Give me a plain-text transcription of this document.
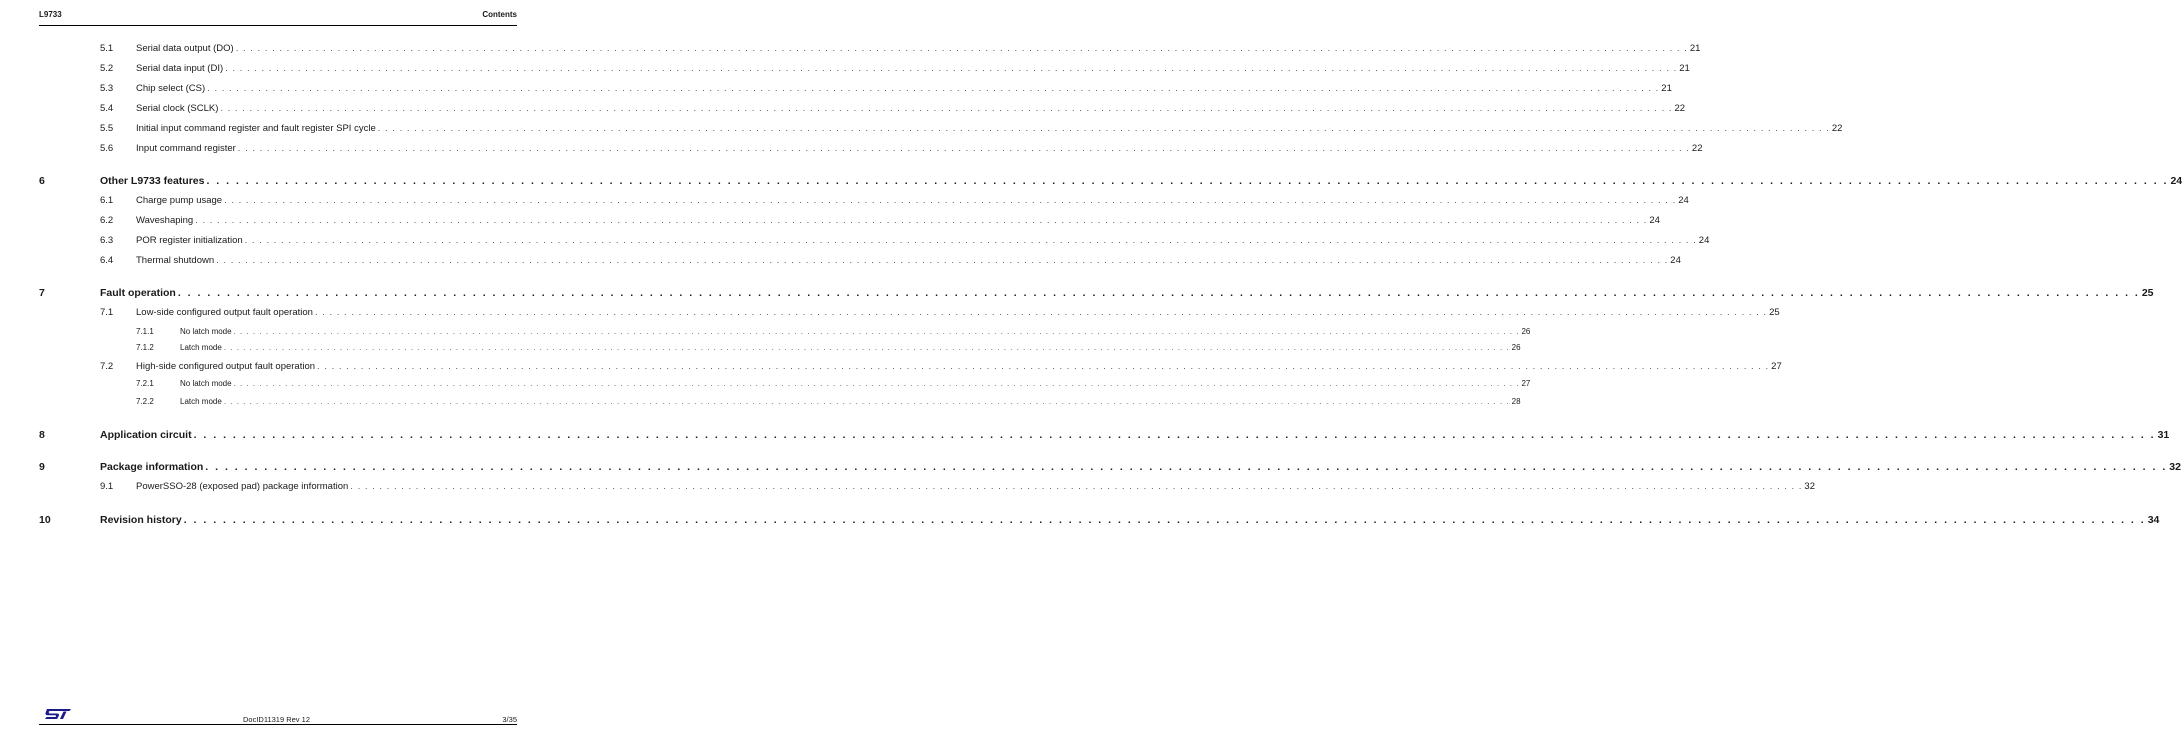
L9733	Contents
5.1 Serial data output (DO) . . . . . . . . . . . . . . . . . . . . . . . . . . . . . . . . . . . . . . . . . . . . . . . . . . . . . . . . . . . . . . . . . . . . . . . . . . . . . . . . . . . . . . . . . . . . . . . . . . . . . . . . . . . . . . . . . . . . . . . . . . . . . . . . . . . . . . . . . . . . . . . . . . . . . . . . . . . . . . . . . . . . . . . . . . . . . . . . . . . . . . . . . . . . . . . . . . . . . . . . 21
5.2 Serial data input (DI) . . . . . . . . . . . . . . . . . . . . . . . . . . . . . . . . . . . . . . . . . . . . . . . . . . . . . . . . . . . . . . . . . . . . . . . . . . . . . . . . . . . . . . . . . . . . . . . . . . . . . . . . . . . . . . . . . . . . . . . . . . . . . . . . . . . . . . . . . . . . . . . . . . . . . . . . . . . . . . . . . . . . . . . . . . . . . . . . . . . . . . . . . . . . . . . . . . . . . . . . 21
5.3 Chip select (CS) . . . . . . . . . . . . . . . . . . . . . . . . . . . . . . . . . . . . . . . . . . . . . . . . . . . . . . . . . . . . . . . . . . . . . . . . . . . . . . . . . . . . . . . . . . . . . . . . . . . . . . . . . . . . . . . . . . . . . . . . . . . . . . . . . . . . . . . . . . . . . . . . . . . . . . . . . . . . . . . . . . . . . . . . . . . . . . . . . . . . . . . . . . . . . . . . . . . . . . . . 21
5.4 Serial clock (SCLK) . . . . . . . . . . . . . . . . . . . . . . . . . . . . . . . . . . . . . . . . . . . . . . . . . . . . . . . . . . . . . . . . . . . . . . . . . . . . . . . . . . . . . . . . . . . . . . . . . . . . . . . . . . . . . . . . . . . . . . . . . . . . . . . . . . . . . . . . . . . . . . . . . . . . . . . . . . . . . . . . . . . . . . . . . . . . . . . . . . . . . . . . . . . . . . . . . . . . . . . . 22
5.5 Initial input command register and fault register SPI cycle . . . . . . . . . . . . . . . . . . . . . . . . . . . . . . . . . . . . . . . . . . . . . . . . . . . . . . . . . . . . . . . . . . . . . . . . . . . . . . . . . . . . . . . . . . . . . . . . . . . . . . . . . . . . . . . . . . . . . . . . . . . . . . . . . . . . . . . . . . . . . . . . . . . . . . . . . . . . . . . . . . . . . . . . . . . . . . . . . . . . . . . . . . . . . . . . . . . . . . . . 22
5.6 Input command register . . . . . . . . . . . . . . . . . . . . . . . . . . . . . . . . . . . . . . . . . . . . . . . . . . . . . . . . . . . . . . . . . . . . . . . . . . . . . . . . . . . . . . . . . . . . . . . . . . . . . . . . . . . . . . . . . . . . . . . . . . . . . . . . . . . . . . . . . . . . . . . . . . . . . . . . . . . . . . . . . . . . . . . . . . . . . . . . . . . . . . . . . . . . . . . . . . . . . . . . 22
6	Other L9733 features . . . . . . . . . . . . . . . . . . . . . . . . . . . . . . . . . . . . . . . . . . . . . . . . . . . . . . . . . . . . . . . . . . . . . . . . . . . . . . . . . . . . . . . . . . . . . . . . . . . . . . . . . . . . . . . . . . . . . . . . . . . . . . . . . . . . . . . . . . . . . . . . . . . . . . . . . . . . . . . . . . . . . . . . . . . . . . . . . . . . . . . . . . . . . . . . . . . . . . . . 24
6.1 Charge pump usage . . . . . . . . . . . . . . . . . . . . . . . . . . . . . . . . . . . . . . . . . . . . . . . . . . . . . . . . . . . . . . . . . . . . . . . . . . . . . . . . . . . . . . . . . . . . . . . . . . . . . . . . . . . . . . . . . . . . . . . . . . . . . . . . . . . . . . . . . . . . . . . . . . . . . . . . . . . . . . . . . . . . . . . . . . . . . . . . . . . . . . . . . . . . . . . . . . . . . . . . 24
6.2 Waveshaping . . . . . . . . . . . . . . . . . . . . . . . . . . . . . . . . . . . . . . . . . . . . . . . . . . . . . . . . . . . . . . . . . . . . . . . . . . . . . . . . . . . . . . . . . . . . . . . . . . . . . . . . . . . . . . . . . . . . . . . . . . . . . . . . . . . . . . . . . . . . . . . . . . . . . . . . . . . . . . . . . . . . . . . . . . . . . . . . . . . . . . . . . . . . . . . . . . . . . . . . 24
6.3 POR register initialization . . . . . . . . . . . . . . . . . . . . . . . . . . . . . . . . . . . . . . . . . . . . . . . . . . . . . . . . . . . . . . . . . . . . . . . . . . . . . . . . . . . . . . . . . . . . . . . . . . . . . . . . . . . . . . . . . . . . . . . . . . . . . . . . . . . . . . . . . . . . . . . . . . . . . . . . . . . . . . . . . . . . . . . . . . . . . . . . . . . . . . . . . . . . . . . . . . . . . . . . 24
6.4 Thermal shutdown . . . . . . . . . . . . . . . . . . . . . . . . . . . . . . . . . . . . . . . . . . . . . . . . . . . . . . . . . . . . . . . . . . . . . . . . . . . . . . . . . . . . . . . . . . . . . . . . . . . . . . . . . . . . . . . . . . . . . . . . . . . . . . . . . . . . . . . . . . . . . . . . . . . . . . . . . . . . . . . . . . . . . . . . . . . . . . . . . . . . . . . . . . . . . . . . . . . . . . . . 24
7	Fault operation . . . . . . . . . . . . . . . . . . . . . . . . . . . . . . . . . . . . . . . . . . . . . . . . . . . . . . . . . . . . . . . . . . . . . . . . . . . . . . . . . . . . . . . . . . . . . . . . . . . . . . . . . . . . . . . . . . . . . . . . . . . . . . . . . . . . . . . . . . . . . . . . . . . . . . . . . . . . . . . . . . . . . . . . . . . . . . . . . . . . . . . . . . . . . . . . . . . . . . . . 25
7.1 Low-side configured output fault operation . . . . . . . . . . . . . . . . . . . . . . . . . . . . . . . . . . . . . . . . . . . . . . . . . . . . . . . . . . . . . . . . . . . . . . . . . . . . . . . . . . . . . . . . . . . . . . . . . . . . . . . . . . . . . . . . . . . . . . . . . . . . . . . . . . . . . . . . . . . . . . . . . . . . . . . . . . . . . . . . . . . . . . . . . . . . . . . . . . . . . . . . . . . . . . . . . . . . . . . . 25
7.1.1	No latch mode . . . . . . . . . . . . . . . . . . . . . . . . . . . . . . . . . . . . . . . . . . . . . . . . . . . . . . . . . . . . . . . . . . . . . . . . . . . . . . . . . . . . . . . . . . . . . . . . . . . . . . . . . . . . . . . . . . . . . . . . . . . . . . . . . . . . . . . . . . . . . . . . . . . . . . . . . . . . . . . . . . . . . . . . . . . . . . . . . . . . . . . . . . . . . . . . . . . . . . . . 26
7.1.2	Latch mode . . . . . . . . . . . . . . . . . . . . . . . . . . . . . . . . . . . . . . . . . . . . . . . . . . . . . . . . . . . . . . . . . . . . . . . . . . . . . . . . . . . . . . . . . . . . . . . . . . . . . . . . . . . . . . . . . . . . . . . . . . . . . . . . . . . . . . . . . . . . . . . . . . . . . . . . . . . . . . . . . . . . . . . . . . . . . . . . . . . . . . . . . . . . . . . . . . . . . . . . 26
7.2 High-side configured output fault operation . . . . . . . . . . . . . . . . . . . . . . . . . . . . . . . . . . . . . . . . . . . . . . . . . . . . . . . . . . . . . . . . . . . . . . . . . . . . . . . . . . . . . . . . . . . . . . . . . . . . . . . . . . . . . . . . . . . . . . . . . . . . . . . . . . . . . . . . . . . . . . . . . . . . . . . . . . . . . . . . . . . . . . . . . . . . . . . . . . . . . . . . . . . . . . . . . . . . . . . . 27
7.2.1	No latch mode . . . . . . . . . . . . . . . . . . . . . . . . . . . . . . . . . . . . . . . . . . . . . . . . . . . . . . . . . . . . . . . . . . . . . . . . . . . . . . . . . . . . . . . . . . . . . . . . . . . . . . . . . . . . . . . . . . . . . . . . . . . . . . . . . . . . . . . . . . . . . . . . . . . . . . . . . . . . . . . . . . . . . . . . . . . . . . . . . . . . . . . . . . . . . . . . . . . . . . . . 27
7.2.2	Latch mode . . . . . . . . . . . . . . . . . . . . . . . . . . . . . . . . . . . . . . . . . . . . . . . . . . . . . . . . . . . . . . . . . . . . . . . . . . . . . . . . . . . . . . . . . . . . . . . . . . . . . . . . . . . . . . . . . . . . . . . . . . . . . . . . . . . . . . . . . . . . . . . . . . . . . . . . . . . . . . . . . . . . . . . . . . . . . . . . . . . . . . . . . . . . . . . . . . . . . . . . 28
8	Application circuit . . . . . . . . . . . . . . . . . . . . . . . . . . . . . . . . . . . . . . . . . . . . . . . . . . . . . . . . . . . . . . . . . . . . . . . . . . . . . . . . . . . . . . . . . . . . . . . . . . . . . . . . . . . . . . . . . . . . . . . . . . . . . . . . . . . . . . . . . . . . . . . . . . . . . . . . . . . . . . . . . . . . . . . . . . . . . . . . . . . . . . . . . . . . . . . . . . . . . . . . 31
9	Package information . . . . . . . . . . . . . . . . . . . . . . . . . . . . . . . . . . . . . . . . . . . . . . . . . . . . . . . . . . . . . . . . . . . . . . . . . . . . . . . . . . . . . . . . . . . . . . . . . . . . . . . . . . . . . . . . . . . . . . . . . . . . . . . . . . . . . . . . . . . . . . . . . . . . . . . . . . . . . . . . . . . . . . . . . . . . . . . . . . . . . . . . . . . . . . . . . . . . . . . . 32
9.1 PowerSSO-28 (exposed pad) package information . . . . . . . . . . . . . . . . . . . . . . . . . . . . . . . . . . . . . . . . . . . . . . . . . . . . . . . . . . . . . . . . . . . . . . . . . . . . . . . . . . . . . . . . . . . . . . . . . . . . . . . . . . . . . . . . . . . . . . . . . . . . . . . . . . . . . . . . . . . . . . . . . . . . . . . . . . . . . . . . . . . . . . . . . . . . . . . . . . . . . . . . . . . . . . . . . . . . . . . . 32
10	Revision history . . . . . . . . . . . . . . . . . . . . . . . . . . . . . . . . . . . . . . . . . . . . . . . . . . . . . . . . . . . . . . . . . . . . . . . . . . . . . . . . . . . . . . . . . . . . . . . . . . . . . . . . . . . . . . . . . . . . . . . . . . . . . . . . . . . . . . . . . . . . . . . . . . . . . . . . . . . . . . . . . . . . . . . . . . . . . . . . . . . . . . . . . . . . . . . . . . . . . . . . 34
DocID11319 Rev 12	3/35
